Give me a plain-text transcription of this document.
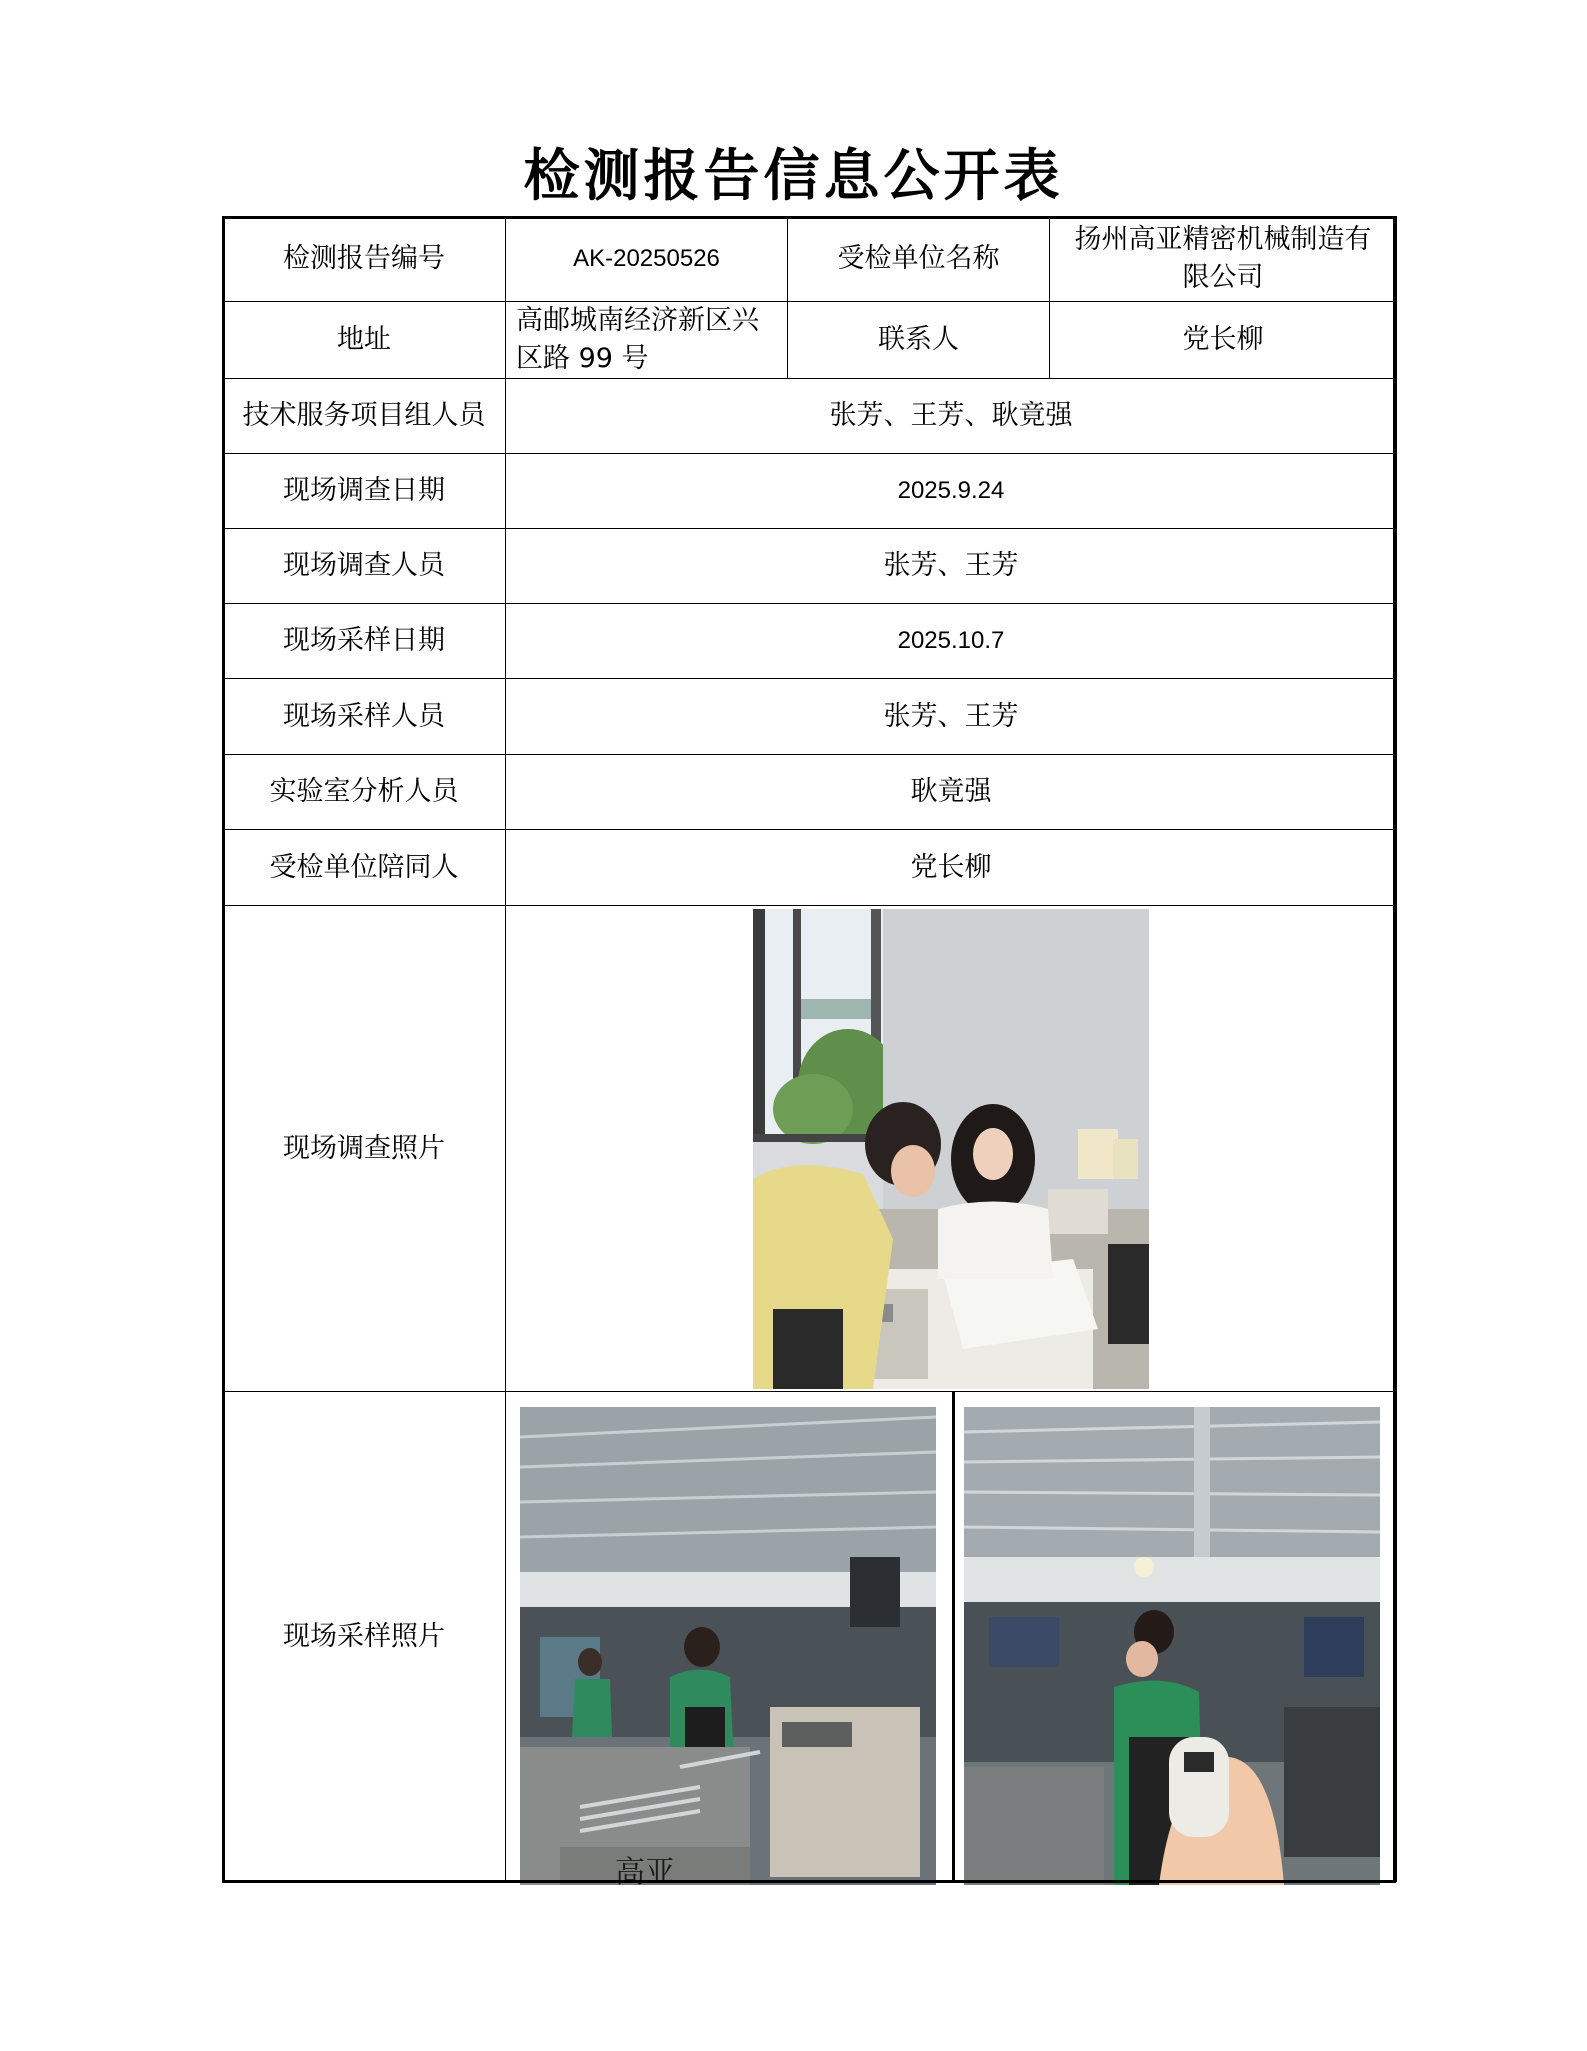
检测报告信息公开表
检测报告编号	AK-20250526	受检单位名称	扬州高亚精密机械制造有限公司
地址	高邮城南经济新区兴区路 99 号	联系人	党长柳
技术服务项目组人员	张芳、王芳、耿竟强		
现场调查日期	2025.9.24		
现场调查人员	张芳、王芳		
现场采样日期	2025.10.7		
现场采样人员	张芳、王芳		
实验室分析人员	耿竟强		
受检单位陪同人	党长柳		
现场调查照片	

现场采样照片	高亚		
